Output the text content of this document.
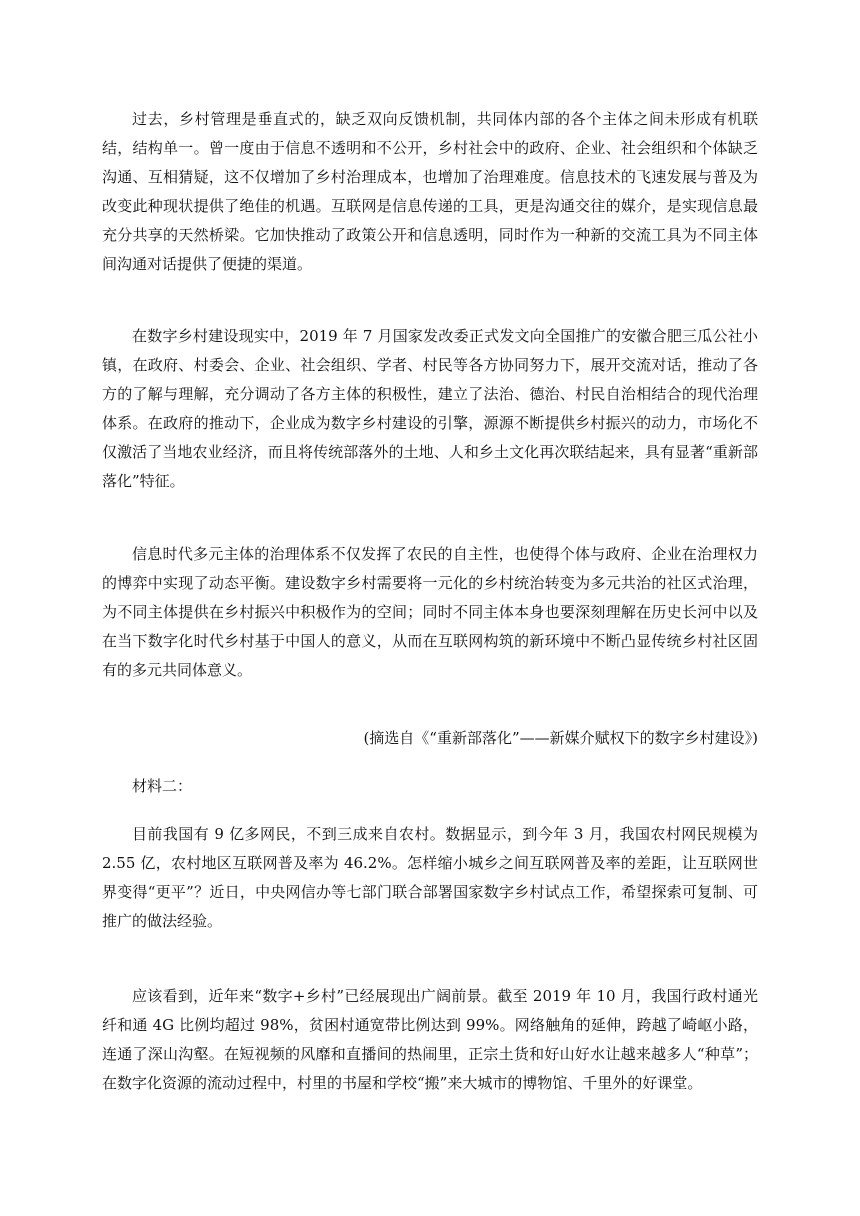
过去，乡村管理是垂直式的，缺乏双向反馈机制，共同体内部的各个主体之间未形成有机联结，结构单一。曾一度由于信息不透明和不公开，乡村社会中的政府、企业、社会组织和个体缺乏沟通、互相猜疑，这不仅增加了乡村治理成本，也增加了治理难度。信息技术的飞速发展与普及为改变此种现状提供了绝佳的机遇。互联网是信息传递的工具，更是沟通交往的媒介，是实现信息最充分共享的天然桥梁。它加快推动了政策公开和信息透明，同时作为一种新的交流工具为不同主体间沟通对话提供了便捷的渠道。

在数字乡村建设现实中，2019 年 7 月国家发改委正式发文向全国推广的安徽合肥三瓜公社小镇，在政府、村委会、企业、社会组织、学者、村民等各方协同努力下，展开交流对话，推动了各方的了解与理解，充分调动了各方主体的积极性，建立了法治、德治、村民自治相结合的现代治理体系。在政府的推动下，企业成为数字乡村建设的引擎，源源不断提供乡村振兴的动力，市场化不仅激活了当地农业经济，而且将传统部落外的土地、人和乡土文化再次联结起来，具有显著“重新部落化”特征。

信息时代多元主体的治理体系不仅发挥了农民的自主性，也使得个体与政府、企业在治理权力的博弈中实现了动态平衡。建设数字乡村需要将一元化的乡村统治转变为多元共治的社区式治理，为不同主体提供在乡村振兴中积极作为的空间；同时不同主体本身也要深刻理解在历史长河中以及在当下数字化时代乡村基于中国人的意义，从而在互联网构筑的新环境中不断凸显传统乡村社区固有的多元共同体意义。

(摘选自《“重新部落化”——新媒介赋权下的数字乡村建设》)

材料二：

目前我国有 9 亿多网民，不到三成来自农村。数据显示，到今年 3 月，我国农村网民规模为 2.55 亿，农村地区互联网普及率为 46.2%。怎样缩小城乡之间互联网普及率的差距，让互联网世界变得“更平”？近日，中央网信办等七部门联合部署国家数字乡村试点工作，希望探索可复制、可推广的做法经验。

应该看到，近年来“数字+乡村”已经展现出广阔前景。截至 2019 年 10 月，我国行政村通光纤和通 4G 比例均超过 98%，贫困村通宽带比例达到 99%。网络触角的延伸，跨越了崎岖小路，连通了深山沟壑。在短视频的风靡和直播间的热闹里，正宗土货和好山好水让越来越多人“种草”；在数字化资源的流动过程中，村里的书屋和学校“搬”来大城市的博物馆、千里外的好课堂。
